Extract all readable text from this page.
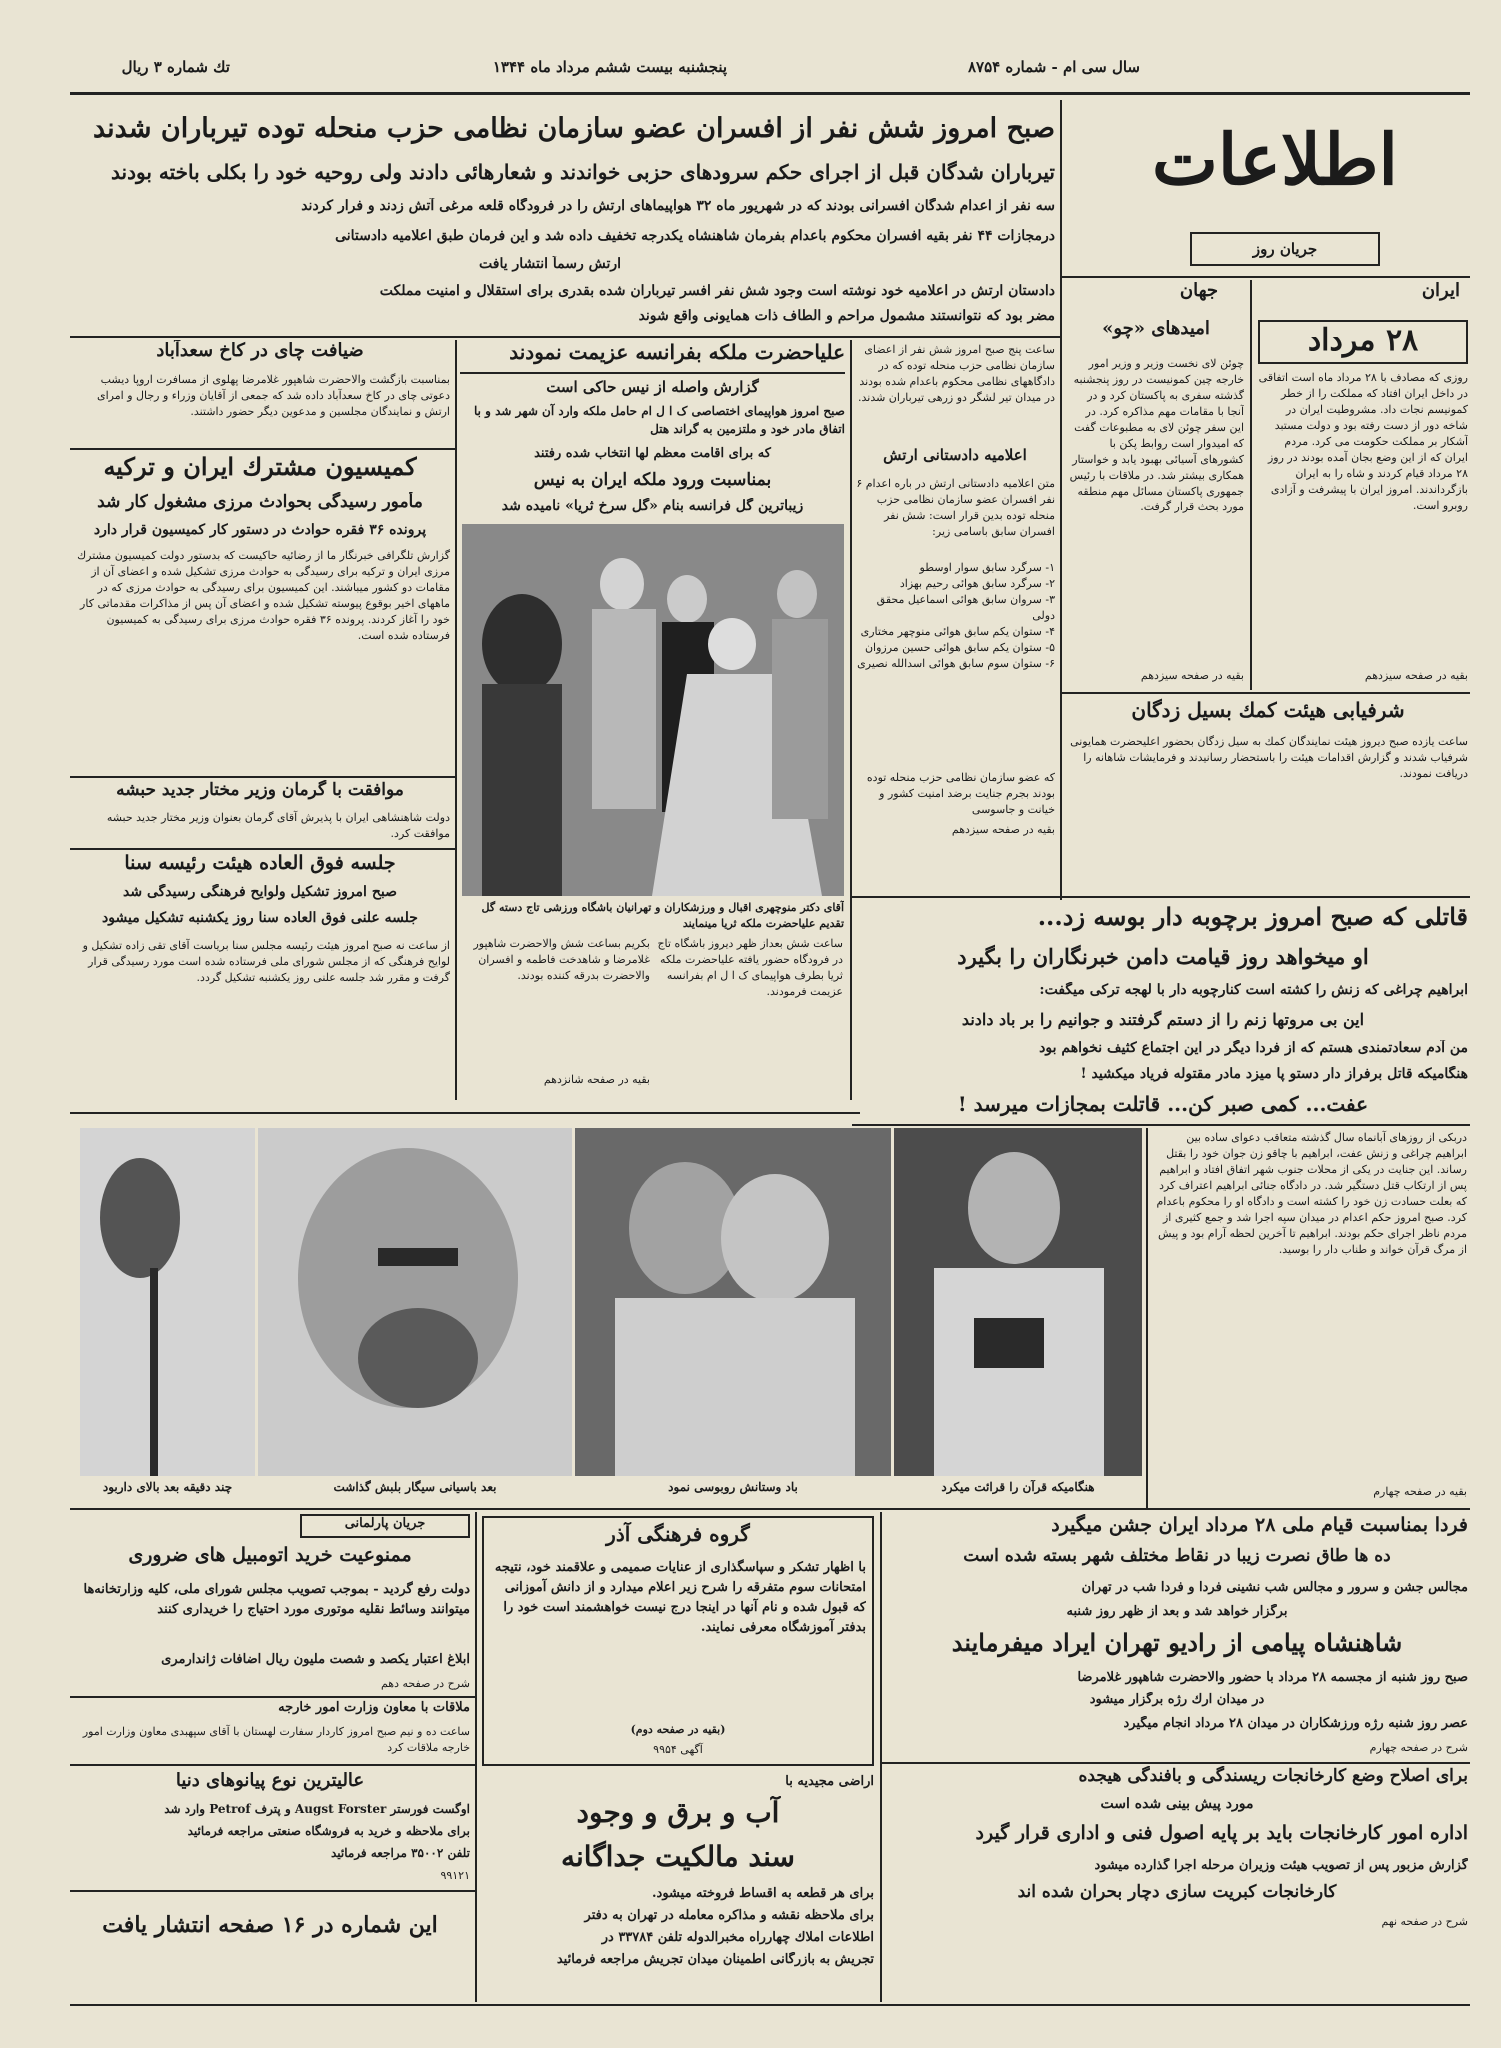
تك شماره ۳ ریال	پنجشنبه بیست ششم مرداد ماه ۱۳۴۴	سال سی ام - شماره ۸۷۵۴
اطلاعات
جریان روز
صبح امروز شش نفر از افسران عضو سازمان نظامی حزب منحله توده تیرباران شدند
تیرباران شدگان قبل از اجرای حکم سرودهای حزبی خواندند و شعارهائی دادند ولی روحیه خود را بکلی باخته بودند
سه نفر از اعدام شدگان افسرانی بودند که در شهریور ماه ۳۲ هواپیماهای ارتش را در فرودگاه قلعه مرغی آتش زدند و فرار کردند
درمجازات ۴۴ نفر بقیه افسران محکوم باعدام بفرمان شاهنشاه یکدرجه تخفیف داده شد و این فرمان طبق اعلامیه دادستانی
ارتش رسماً انتشار یافت
دادستان ارتش در اعلامیه خود نوشته است وجود شش نفر افسر تیرباران شده بقدری برای استقلال و امنیت مملکت
مضر بود که نتوانستند مشمول مراحم و الطاف ذات همایونی واقع شوند
ایران
جهان
۲۸ مرداد
روزی که مصادف با ۲۸ مرداد ماه است اتفاقی در داخل ایران افتاد که مملکت را از خطر کمونیسم نجات داد. مشروطیت ایران در شاخه دور از دست رفته بود و دولت مستبد آشکار بر مملکت حکومت می کرد. مردم ایران که از این وضع بجان آمده بودند در روز ۲۸ مرداد قیام کردند و شاه را به ایران بازگرداندند. امروز ایران با پیشرفت و آزادی روبرو است.
بقیه در صفحه سیزدهم
امیدهای «چو»
چوئن لای نخست وزیر و وزیر امور خارجه چین کمونیست در روز پنجشنبه گذشته سفری به پاکستان کرد و در آنجا با مقامات مهم مذاکره کرد. در این سفر چوئن لای به مطبوعات گفت که امیدوار است روابط پکن با کشورهای آسیائی بهبود یابد و خواستار همکاری بیشتر شد. در ملاقات با رئیس جمهوری پاکستان مسائل مهم منطقه مورد بحث قرار گرفت.
بقیه در صفحه سیزدهم
ساعت پنج صبح امروز شش نفر از اعضای سازمان نظامی حزب منحله توده که در دادگاههای نظامی محکوم باعدام شده بودند در میدان تیر لشگر دو زرهی تیرباران شدند.
اعلامیه دادستانی ارتش
متن اعلامیه دادستانی ارتش در باره اعدام ۶ نفر افسران عضو سازمان نظامی حزب منحله توده بدین قرار است: شش نفر افسران سابق باسامی زیر:
۱- سرگرد سابق سوار اوسطو
۲- سرگرد سابق هوائی رحیم بهزاد
۳- سروان سابق هوائی اسماعیل محقق دولی
۴- ستوان یکم سابق هوائی منوچهر مختاری
۵- ستوان یکم سابق هوائی حسین مرزوان
۶- ستوان سوم سابق هوائی اسدالله نصیری
که عضو سازمان نظامی حزب منحله توده بودند بجرم جنایت برضد امنیت کشور و خیانت و جاسوسی
بقیه در صفحه سیزدهم
شرفیابی هیئت کمك بسیل زدگان
ساعت یازده صبح دیروز هیئت نمایندگان کمك به سیل زدگان بحضور اعلیحضرت همایونی شرفیاب شدند و گزارش اقدامات هیئت را باستحضار رسانیدند و فرمایشات شاهانه را دریافت نمودند.
علیاحضرت ملکه بفرانسه عزیمت نمودند
گزارش واصله از نیس حاکی است
صبح امروز هواپیمای اختصاصی ک ا ل ام حامل ملکه وارد آن شهر شد و با اتفاق مادر خود و ملتزمین به گراند هتل
که برای اقامت معظم لها انتخاب شده رفتند
بمناسبت ورود ملکه ایران به نیس
زیباترین گل فرانسه بنام «گل سرخ ثریا» نامیده شد
آقای دکتر منوچهری اقبال و ورزشکاران و تهرانیان باشگاه ورزشی تاج دسته گل تقدیم علیاحضرت ملکه ثریا مینمایند
ساعت شش بعداز ظهر دیروز باشگاه تاج در فرودگاه حضور یافته علیاحضرت ملکه ثریا بطرف هواپیمای ک ا ل ام بفرانسه عزیمت فرمودند.
بکریم بساعت شش والاحضرت شاهپور غلامرضا و شاهدخت فاطمه و افسران والاحضرت بدرقه کننده بودند.
بقیه در صفحه شانزدهم
ضیافت چای در کاخ سعدآباد
بمناسبت بازگشت والاحضرت شاهپور غلامرضا پهلوی از مسافرت اروپا دیشب دعوتی چای در کاخ سعدآباد داده شد که جمعی از آقایان وزراء و رجال و امرای ارتش و نمایندگان مجلسین و مدعوین دیگر حضور داشتند.
کمیسیون مشترك ایران و تركیه
مأمور رسیدگی بحوادث مرزی مشغول كار شد
پرونده ۳۶ فقره حوادث در دستور کار کمیسیون قرار دارد
گزارش تلگرافی خبرنگار ما از رضائیه حاکیست که بدستور دولت کمیسیون مشترك مرزی ایران و ترکیه برای رسیدگی به حوادث مرزی تشکیل شده و اعضای آن از مقامات دو کشور میباشند. این کمیسیون برای رسیدگی به حوادث مرزی که در ماههای اخیر بوقوع پیوسته تشکیل شده و اعضای آن پس از مذاکرات مقدماتی کار خود را آغاز کردند. پرونده ۳۶ فقره حوادث مرزی برای رسیدگی به کمیسیون فرستاده شده است.
موافقت با گرمان وزیر مختار جدید حبشه
دولت شاهنشاهی ایران با پذیرش آقای گرمان بعنوان وزیر مختار جدید حبشه موافقت کرد.
جلسه فوق العاده هیئت رئیسه سنا
صبح امروز تشکیل ولوایح فرهنگی رسیدگی شد
جلسه علنی فوق العاده سنا روز یکشنبه تشکیل میشود
از ساعت نه صبح امروز هیئت رئیسه مجلس سنا بریاست آقای تقی زاده تشکیل و لوایح فرهنگی که از مجلس شورای ملی فرستاده شده است مورد رسیدگی قرار گرفت و مقرر شد جلسه علنی روز یکشنبه تشکیل گردد.
قاتلی که صبح امروز برچوبه دار بوسه زد...
او میخواهد روز قیامت دامن خبرنگاران را بگیرد
ابراهیم چراغی که زنش را کشته است کنارچوبه دار با لهجه ترکی میگفت:
این بی مروتها زنم را از دستم گرفتند و جوانیم را بر باد دادند
من آدم سعادتمندی هستم که از فردا دیگر در این اجتماع کثیف نخواهم بود
هنگامیکه قاتل برفراز دار دستو پا میزد مادر مقتوله فریاد میکشید !
عفت... کمی صبر کن... قاتلت بمجازات میرسد !
هنگامیکه قرآن را قرائت میکرد
باد وستانش روبوسی نمود
بعد باسیانی سیگار بلبش گذاشت
چند دقیقه بعد بالای داربود
دربکی از روزهای آبانماه سال گذشته متعاقب دعوای ساده بین ابراهیم چراغی و زنش عفت، ابراهیم با چاقو زن جوان خود را بقتل رساند. این جنایت در یکی از محلات جنوب شهر اتفاق افتاد و ابراهیم پس از ارتکاب قتل دستگیر شد. در دادگاه جنائی ابراهیم اعتراف کرد که بعلت حسادت زن خود را کشته است و دادگاه او را محکوم باعدام کرد. صبح امروز حکم اعدام در میدان سپه اجرا شد و جمع کثیری از مردم ناظر اجرای حکم بودند. ابراهیم تا آخرین لحظه آرام بود و پیش از مرگ قرآن خواند و طناب دار را بوسید.
بقیه در صفحه چهارم
فردا بمناسبت قیام ملی ۲۸ مرداد ایران جشن میگیرد
ده ها طاق نصرت زیبا در نقاط مختلف شهر بسته شده است
مجالس جشن و سرور و مجالس شب نشینی فردا و فردا شب در تهران
برگزار خواهد شد و بعد از ظهر روز شنبه
شاهنشاه پیامی از رادیو تهران ایراد میفرمایند
صبح روز شنبه از مجسمه ۲۸ مرداد با حضور والاحضرت شاهپور غلامرضا
در میدان ارك رژه برگزار میشود
عصر روز شنبه رژه ورزشکاران در میدان ۲۸ مرداد انجام میگیرد
شرح در صفحه چهارم
برای اصلاح وضع كارخانجات ریسندگی و بافندگی هیجده
مورد پیش بینی شده است
اداره امور كارخانجات باید بر پایه اصول فنی و اداری قرار گیرد
گزارش مزبور پس از تصویب هیئت وزیران مرحله اجرا گذارده میشود
کارخانجات کبریت سازی دچار بحران شده اند
شرح در صفحه نهم
گروه فرهنگی آذر
با اظهار تشکر و سپاسگذاری از عنایات صمیمی و علاقمند خود، نتیجه امتحانات سوم متفرقه را شرح زیر اعلام میدارد و از دانش آموزانی که قبول شده و نام آنها در اینجا درج نیست خواهشمند است خود را بدفتر آموزشگاه معرفی نمایند.
(بقیه در صفحه دوم)
آگهی ۹۹۵۴
اراضی مجیدیه با
آب و برق و وجود
سند مالکیت جداگانه
برای هر قطعه به اقساط فروخته میشود.
برای ملاحظه نقشه و مذاکره معامله در تهران به دفتر
اطلاعات املاك چهارراه مخبرالدوله تلفن ۳۳۷۸۴ در
تجریش به بازرگانی اطمینان میدان تجریش مراجعه فرمائید
جریان پارلمانی
ممنوعیت خرید اتومبیل های ضروری
دولت رفع گردید - بموجب تصویب مجلس شورای ملی، کلیه وزارتخانه‌ها میتوانند وسائط نقلیه موتوری مورد احتیاج را خریداری کنند
ابلاغ اعتبار یکصد و شصت ملیون ریال اضافات ژاندارمری
شرح در صفحه دهم
ملاقات با معاون وزارت امور خارجه
ساعت ده و نیم صبح امروز کاردار سفارت لهستان با آقای سپهبدی معاون وزارت امور خارجه ملاقات کرد
عالیترین نوع پیانوهای دنیا
اوگست فورستر Augst Forster و پترف Petrof وارد شد
برای ملاحظه و خرید به فروشگاه صنعتی مراجعه فرمائید
تلفن ۳۵۰۰۲ مراجعه فرمائید
۹۹۱۲۱
این شماره در ۱۶ صفحه انتشار یافت
